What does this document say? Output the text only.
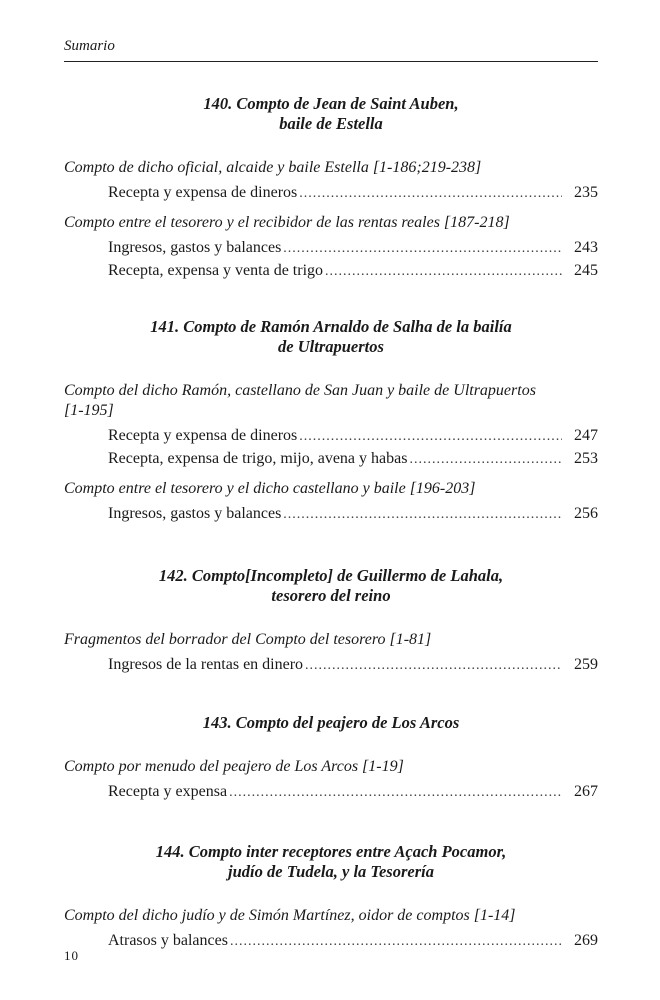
Sumario
140. Compto de Jean de Saint Auben,
baile de Estella
Compto de dicho oficial, alcaide y baile Estella [1-186;219-238]
Recepta y expensa de dineros .....	235
Compto entre el tesorero y el recibidor de las rentas reales [187-218]
Ingresos, gastos y balances .....	243
Recepta, expensa y venta de trigo .....	245
141. Compto de Ramón Arnaldo de Salha de la bailía
de Ultrapuertos
Compto del dicho Ramón, castellano de San Juan y baile de Ultrapuertos
[1-195]
Recepta y expensa de dineros .....	247
Recepta, expensa de trigo, mijo, avena y habas .....	253
Compto entre el tesorero y el dicho castellano y baile [196-203]
Ingresos, gastos y balances .....	256
142. Compto[Incompleto] de Guillermo de Lahala,
tesorero del reino
Fragmentos del borrador del Compto del tesorero [1-81]
Ingresos de la rentas en dinero .....	259
143. Compto del peajero de Los Arcos
Compto por menudo del peajero de Los Arcos [1-19]
Recepta y expensa .....	267
144. Compto inter receptores entre Açach Pocamor,
judío de Tudela, y la Tesorería
Compto del dicho judío y de Simón Martínez, oidor de comptos [1-14]
Atrasos y balances .....	269
10
